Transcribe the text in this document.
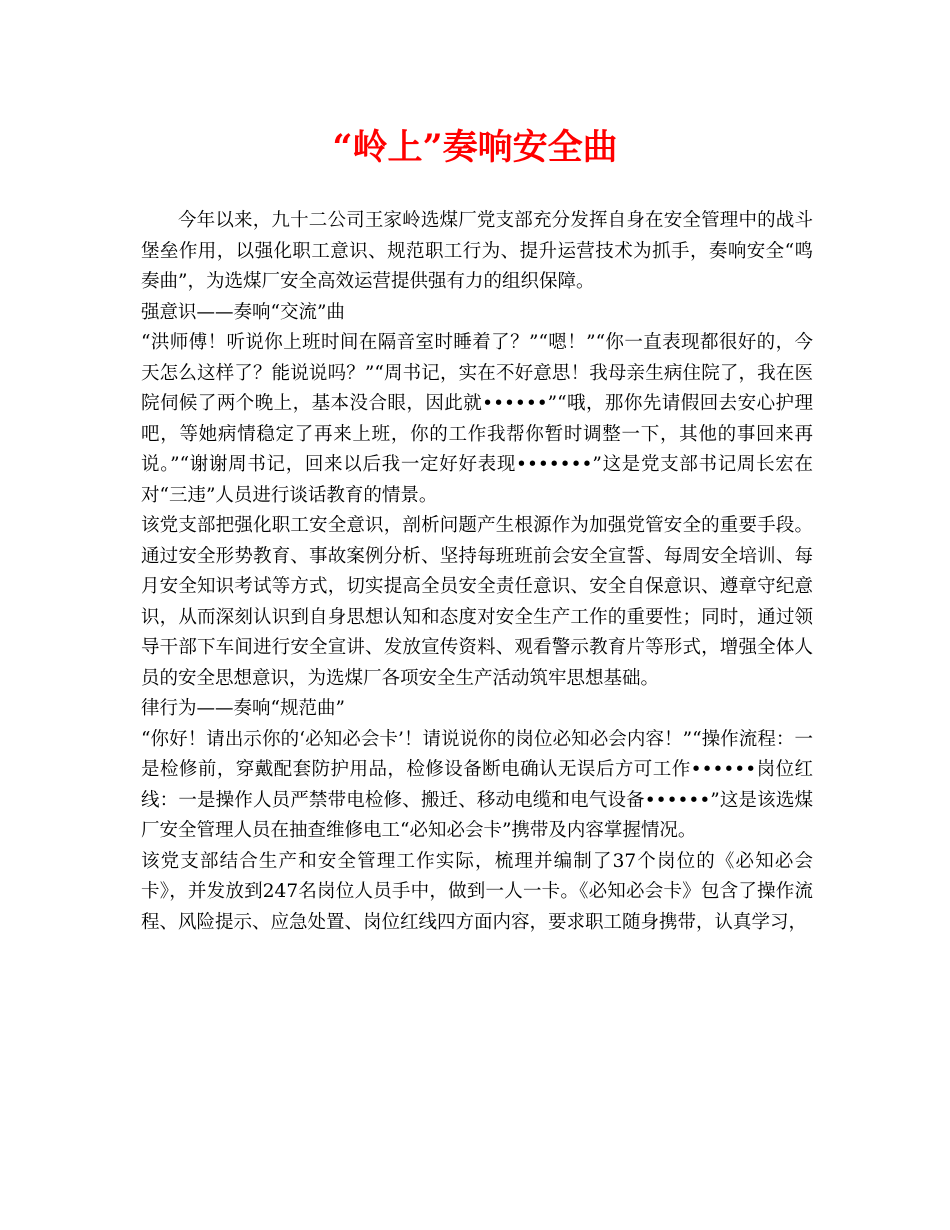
“岭上”奏响安全曲

今年以来，九十二公司王家岭选煤厂党支部充分发挥自身在安全管理中的战斗堡垒作用，以强化职工意识、规范职工行为、提升运营技术为抓手，奏响安全“鸣奏曲”，为选煤厂安全高效运营提供强有力的组织保障。

强意识——奏响“交流”曲

“洪师傅！听说你上班时间在隔音室时睡着了？”“嗯！”“你一直表现都很好的，今天怎么这样了？能说说吗？”“周书记，实在不好意思！我母亲生病住院了，我在医院伺候了两个晚上，基本没合眼，因此就••••••”“哦，那你先请假回去安心护理吧，等她病情稳定了再来上班，你的工作我帮你暂时调整一下，其他的事回来再说。”“谢谢周书记，回来以后我一定好好表现•••••••”这是党支部书记周长宏在对“三违”人员进行谈话教育的情景。

该党支部把强化职工安全意识，剖析问题产生根源作为加强党管安全的重要手段。通过安全形势教育、事故案例分析、坚持每班班前会安全宣誓、每周安全培训、每月安全知识考试等方式，切实提高全员安全责任意识、安全自保意识、遵章守纪意识，从而深刻认识到自身思想认知和态度对安全生产工作的重要性；同时，通过领导干部下车间进行安全宣讲、发放宣传资料、观看警示教育片等形式，增强全体人员的安全思想意识，为选煤厂各项安全生产活动筑牢思想基础。

律行为——奏响“规范曲”

“你好！请出示你的‘必知必会卡’！请说说你的岗位必知必会内容！”“操作流程：一是检修前，穿戴配套防护用品，检修设备断电确认无误后方可工作••••••岗位红线：一是操作人员严禁带电检修、搬迁、移动电缆和电气设备••••••”这是该选煤厂安全管理人员在抽查维修电工“必知必会卡”携带及内容掌握情况。

该党支部结合生产和安全管理工作实际，梳理并编制了37个岗位的《必知必会卡》，并发放到247名岗位人员手中，做到一人一卡。《必知必会卡》包含了操作流程、风险提示、应急处置、岗位红线四方面内容，要求职工随身携带，认真学习，
